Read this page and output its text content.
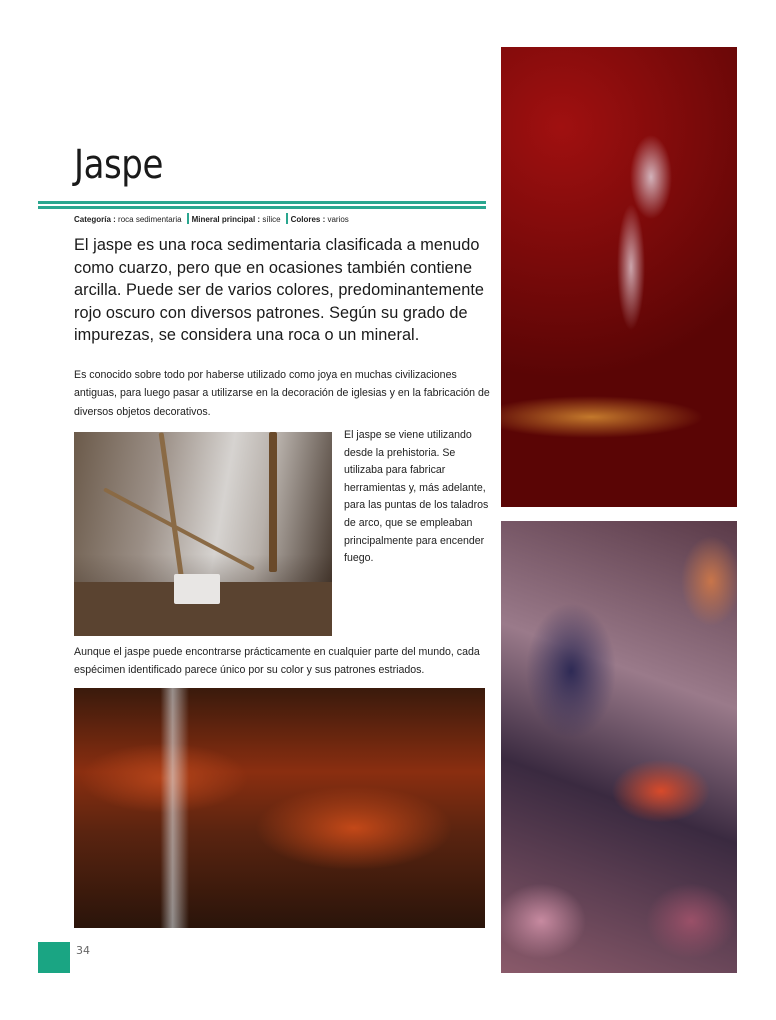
Jaspe
Categoría : roca sedimentaria Mineral principal : sílice Colores : varios

El jaspe es una roca sedimentaria clasificada a menudo como cuarzo, pero que en ocasiones también contiene arcilla. Puede ser de varios colores, predominantemente rojo oscuro con diversos patrones. Según su grado de impurezas, se considera una roca o un mineral.

Es conocido sobre todo por haberse utilizado como joya en muchas civilizaciones antiguas, para luego pasar a utilizarse en la decoración de iglesias y en la fabricación de diversos objetos decorativos.

El jaspe se viene utilizando desde la prehistoria. Se utilizaba para fabricar herramientas y, más adelante, para las puntas de los taladros de arco, que se empleaban principalmente para encender fuego.

Aunque el jaspe puede encontrarse prácticamente en cualquier parte del mundo, cada espécimen identificado parece único por su color y sus patrones estriados.

34
